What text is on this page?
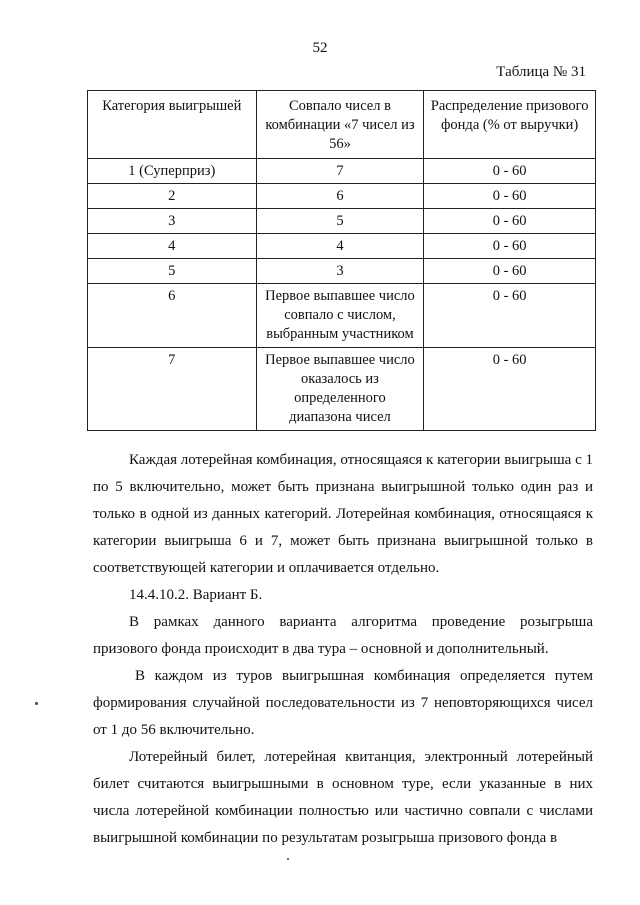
52
Таблица № 31
Категория выигрышей	Совпало чисел в комбинации «7 чисел из 56»	Распределение призового фонда (% от выручки)
1 (Суперприз)	7	0 - 60
2	6	0 - 60
3	5	0 - 60
4	4	0 - 60
5	3	0 - 60
6	Первое выпавшее число совпало с числом, выбранным участником	0 - 60
7	Первое выпавшее число оказалось из определенного диапазона чисел	0 - 60

Каждая лотерейная комбинация, относящаяся к категории выигрыша с 1 по 5 включительно, может быть признана выигрышной только один раз и только в одной из данных категорий. Лотерейная комбинация, относящаяся к категории выигрыша 6 и 7, может быть признана выигрышной только в соответствующей категории и оплачивается отдельно.

14.4.10.2. Вариант Б.

В рамках данного варианта алгоритма проведение розыгрыша призового фонда происходит в два тура – основной и дополнительный.

В каждом из туров выигрышная комбинация определяется путем формирования случайной последовательности из 7 неповторяющихся чисел от 1 до 56 включительно.

Лотерейный билет, лотерейная квитанция, электронный лотерейный билет считаются выигрышными в основном туре, если указанные в них числа лотерейной комбинации полностью или частично совпали с числами выигрышной комбинации по результатам розыгрыша призового фонда в
